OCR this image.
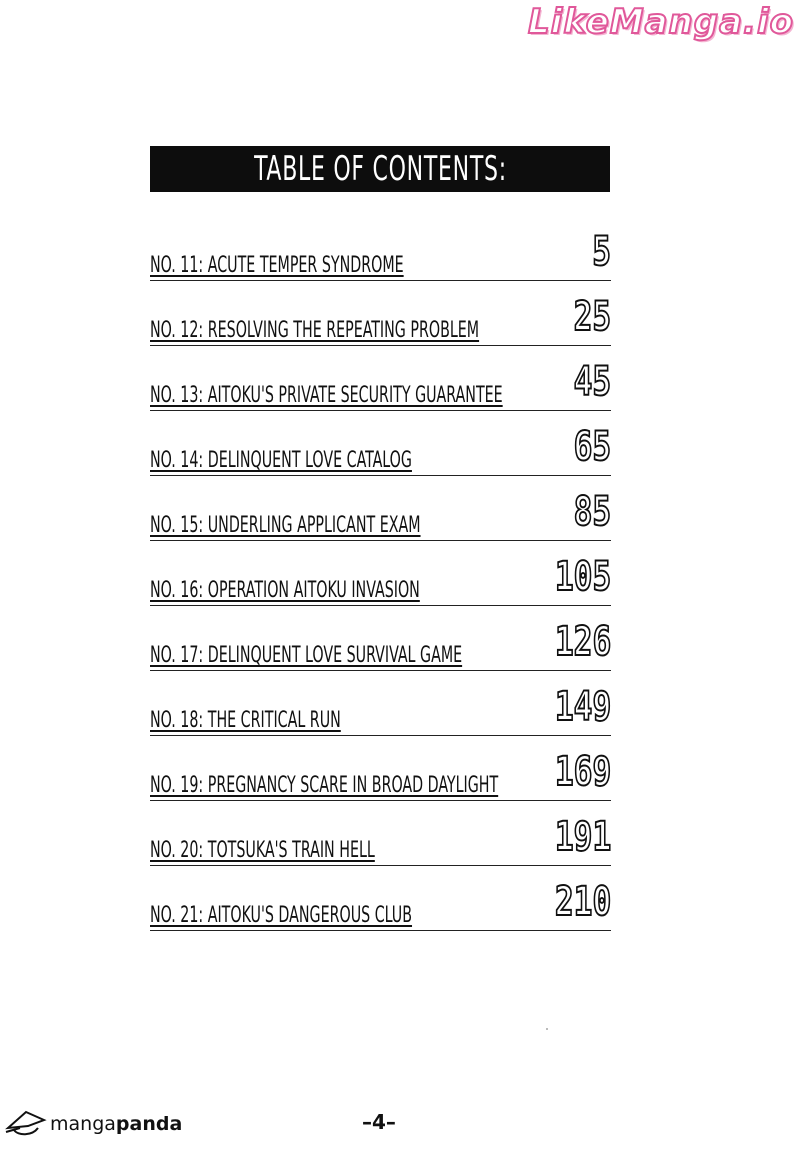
LikeManga.io
TABLE OF CONTENTS:
NO. 11: ACUTE TEMPER SYNDROME	5
NO. 12: RESOLVING THE REPEATING PROBLEM 25
NO. 13: AITOKU'S PRIVATE SECURITY GUARANTEE 45
NO. 14: DELINQUENT LOVE CATALOG	65
NO. 15: UNDERLING APPLICANT EXAM	85
NO. 16: OPERATION AITOKU INVASION	105
NO. 17: DELINQUENT LOVE SURVIVAL GAME 126
NO. 18: THE CRITICAL RUN	149
NO. 19: PREGNANCY SCARE IN BROAD DAYLIGHT 169
NO. 20: TOTSUKA'S TRAIN HELL	191
NO. 21: AITOKU'S DANGEROUS CLUB	210
–4–
mangapanda
